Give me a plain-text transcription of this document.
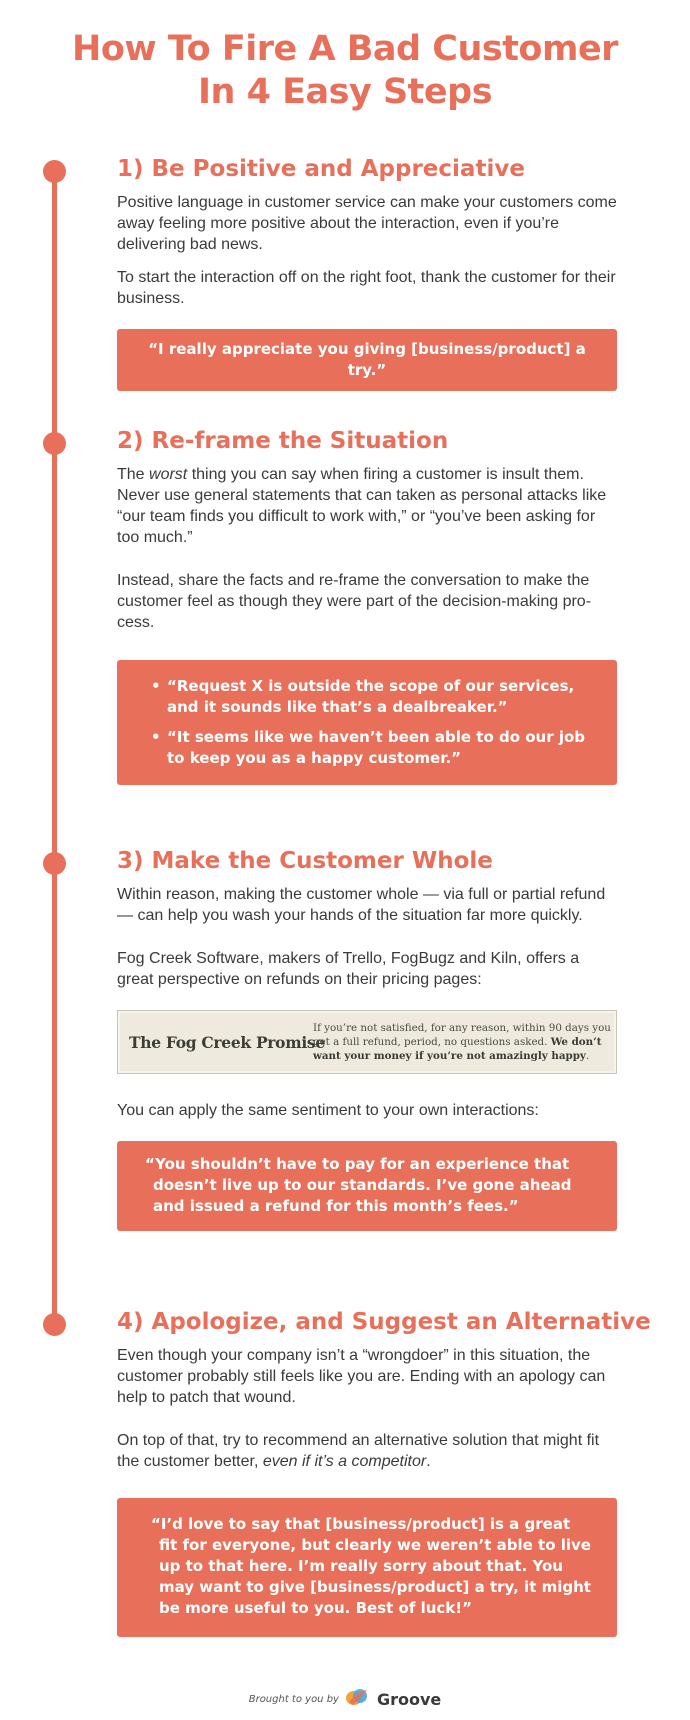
How To Fire A Bad Customer
In 4 Easy Steps
1) Be Positive and Appreciative

Positive language in customer service can make your customers come away feeling more positive about the interaction, even if you’re delivering bad news.

To start the interaction off on the right foot, thank the customer for their business.

“I really appreciate you giving [business/product] a try.”
2) Re-frame the Situation

The worst thing you can say when firing a customer is insult them. Never use general statements that can taken as personal attacks like “our team finds you difficult to work with,” or “you’ve been asking for too much.”

Instead, share the facts and re-frame the conversation to make the customer feel as though they were part of the decision-making pro-cess.

• “Request X is outside the scope of our services, and it sounds like that’s a dealbreaker.”
• “It seems like we haven’t been able to do our job to keep you as a happy customer.”
3) Make the Customer Whole

Within reason, making the customer whole — via full or partial refund — can help you wash your hands of the situation far more quickly.

Fog Creek Software, makers of Trello, FogBugz and Kiln, offers a great perspective on refunds on their pricing pages:

The Fog Creek Promise
If you’re not satisfied, for any reason, within 90 days you get a full refund, period, no questions asked. We don’t want your money if you’re not amazingly happy.

You can apply the same sentiment to your own interactions:

“You shouldn’t have to pay for an experience that doesn’t live up to our standards. I’ve gone ahead and issued a refund for this month’s fees.”
4) Apologize, and Suggest an Alternative

Even though your company isn’t a “wrongdoer” in this situation, the customer probably still feels like you are. Ending with an apology can help to patch that wound.

On top of that, try to recommend an alternative solution that might fit the customer better, even if it’s a competitor.

“I’d love to say that [business/product] is a great fit for everyone, but clearly we weren’t able to live up to that here. I’m really sorry about that. You may want to give [business/product] a try, it might be more useful to you. Best of luck!”
Brought to you by Groove
